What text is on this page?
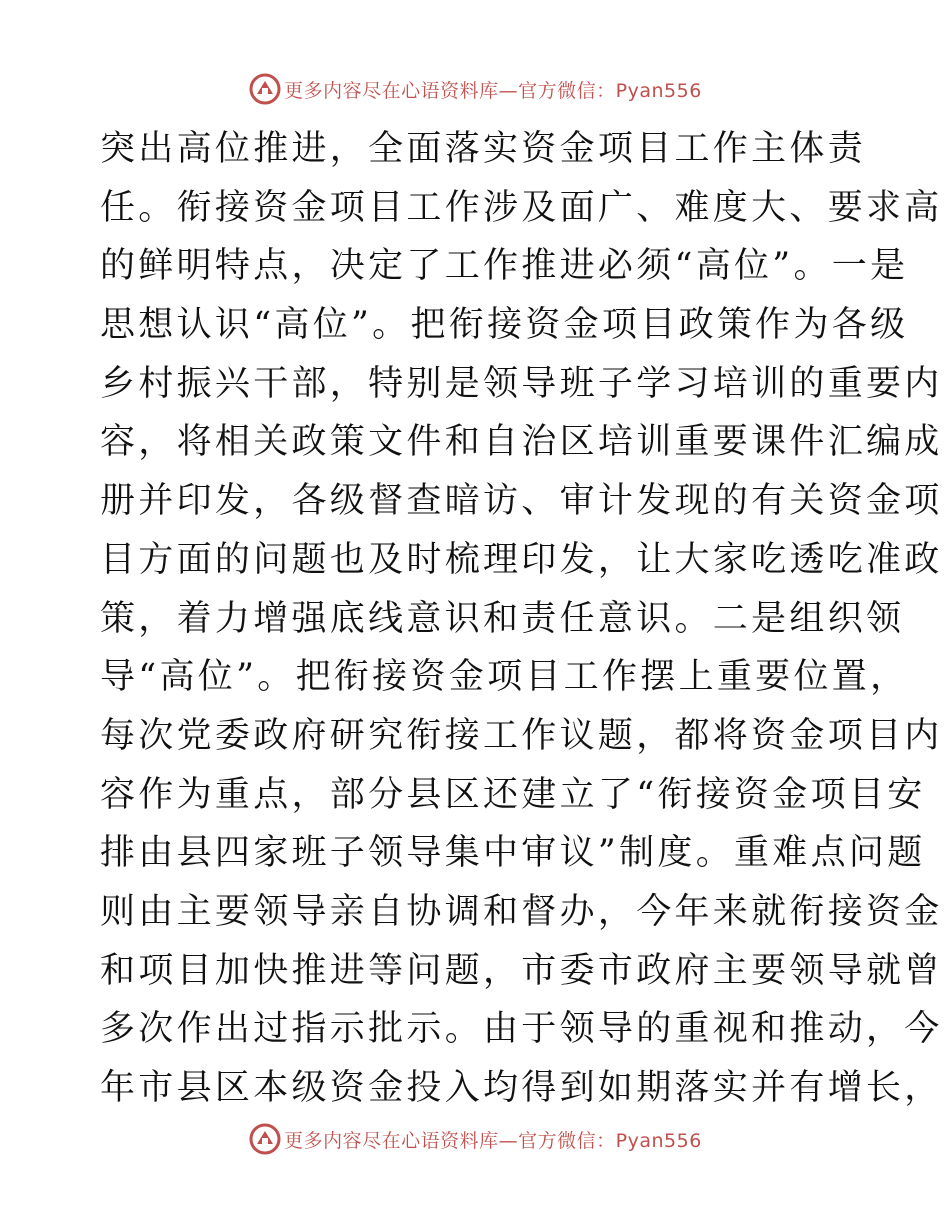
更多内容尽在心语资料库—官方微信：Pyan556
突出高位推进，全面落实资金项目工作主体责
任。衔接资金项目工作涉及面广、难度大、要求高
的鲜明特点，决定了工作推进必须“高位”。一是
思想认识“高位”。把衔接资金项目政策作为各级
乡村振兴干部，特别是领导班子学习培训的重要内
容，将相关政策文件和自治区培训重要课件汇编成
册并印发，各级督查暗访、审计发现的有关资金项
目方面的问题也及时梳理印发，让大家吃透吃准政
策，着力增强底线意识和责任意识。二是组织领
导“高位”。把衔接资金项目工作摆上重要位置，
每次党委政府研究衔接工作议题，都将资金项目内
容作为重点，部分县区还建立了“衔接资金项目安
排由县四家班子领导集中审议”制度。重难点问题
则由主要领导亲自协调和督办，今年来就衔接资金
和项目加快推进等问题，市委市政府主要领导就曾
多次作出过指示批示。由于领导的重视和推动，今
年市县区本级资金投入均得到如期落实并有增长，
更多内容尽在心语资料库—官方微信：Pyan556
